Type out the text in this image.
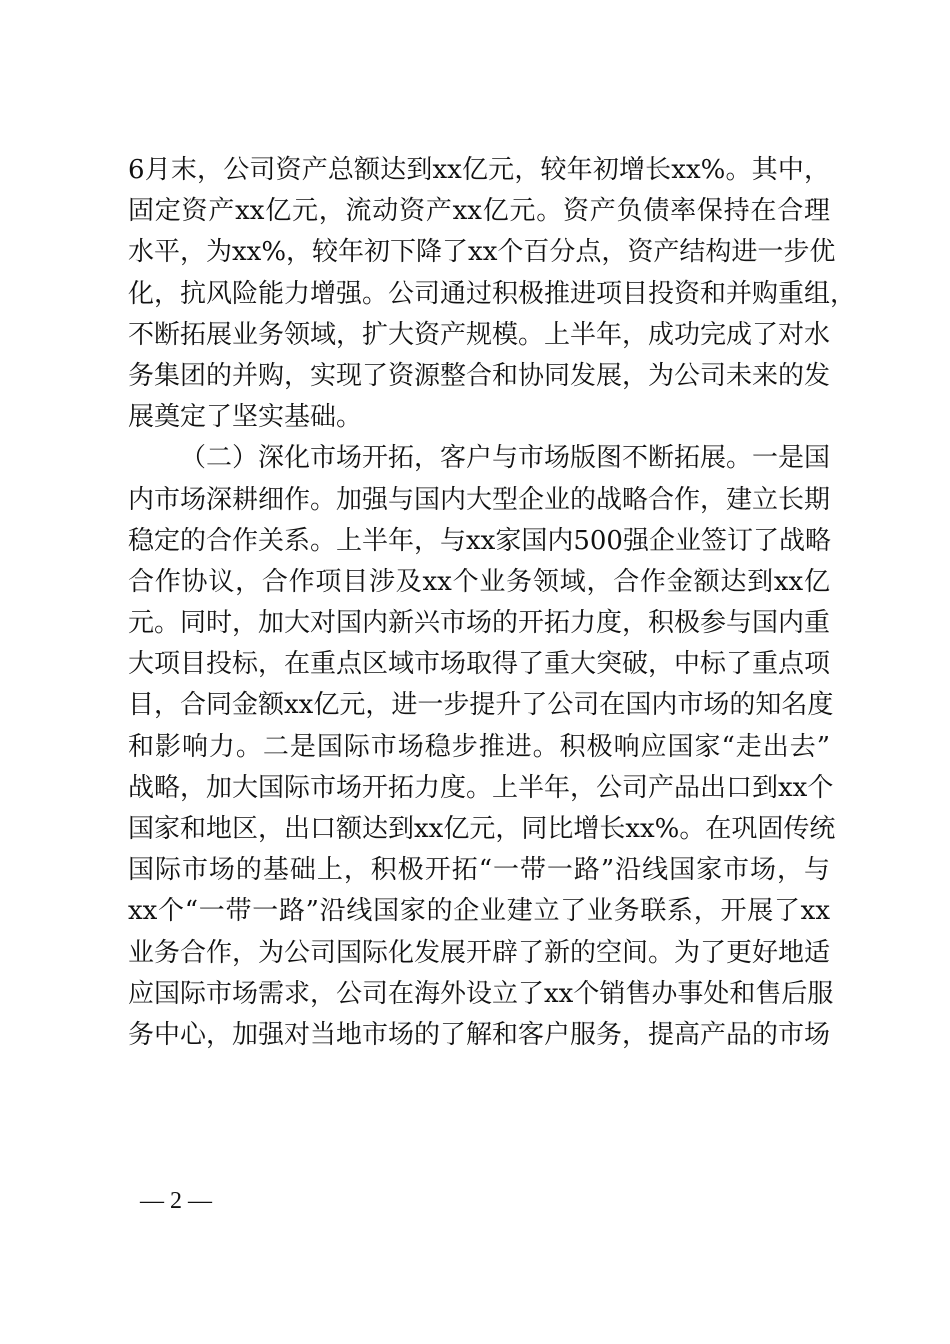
6月末，公司资产总额达到xx亿元，较年初增长xx%。其中，
固定资产xx亿元，流动资产xx亿元。资产负债率保持在合理
水平，为xx%，较年初下降了xx个百分点，资产结构进一步优
化，抗风险能力增强。公司通过积极推进项目投资和并购重组，
不断拓展业务领域，扩大资产规模。上半年，成功完成了对水
务集团的并购，实现了资源整合和协同发展，为公司未来的发
展奠定了坚实基础。
（二）深化市场开拓，客户与市场版图不断拓展。一是国
内市场深耕细作。加强与国内大型企业的战略合作，建立长期
稳定的合作关系。上半年，与xx家国内500强企业签订了战略
合作协议，合作项目涉及xx个业务领域，合作金额达到xx亿
元。同时，加大对国内新兴市场的开拓力度，积极参与国内重
大项目投标，在重点区域市场取得了重大突破，中标了重点项
目，合同金额xx亿元，进一步提升了公司在国内市场的知名度
和影响力。二是国际市场稳步推进。积极响应国家“走出去”
战略，加大国际市场开拓力度。上半年，公司产品出口到xx个
国家和地区，出口额达到xx亿元，同比增长xx%。在巩固传统
国际市场的基础上，积极开拓“一带一路”沿线国家市场，与
xx个“一带一路”沿线国家的企业建立了业务联系，开展了xx
业务合作，为公司国际化发展开辟了新的空间。为了更好地适
应国际市场需求，公司在海外设立了xx个销售办事处和售后服
务中心，加强对当地市场的了解和客户服务，提高产品的市场
— 2 —
